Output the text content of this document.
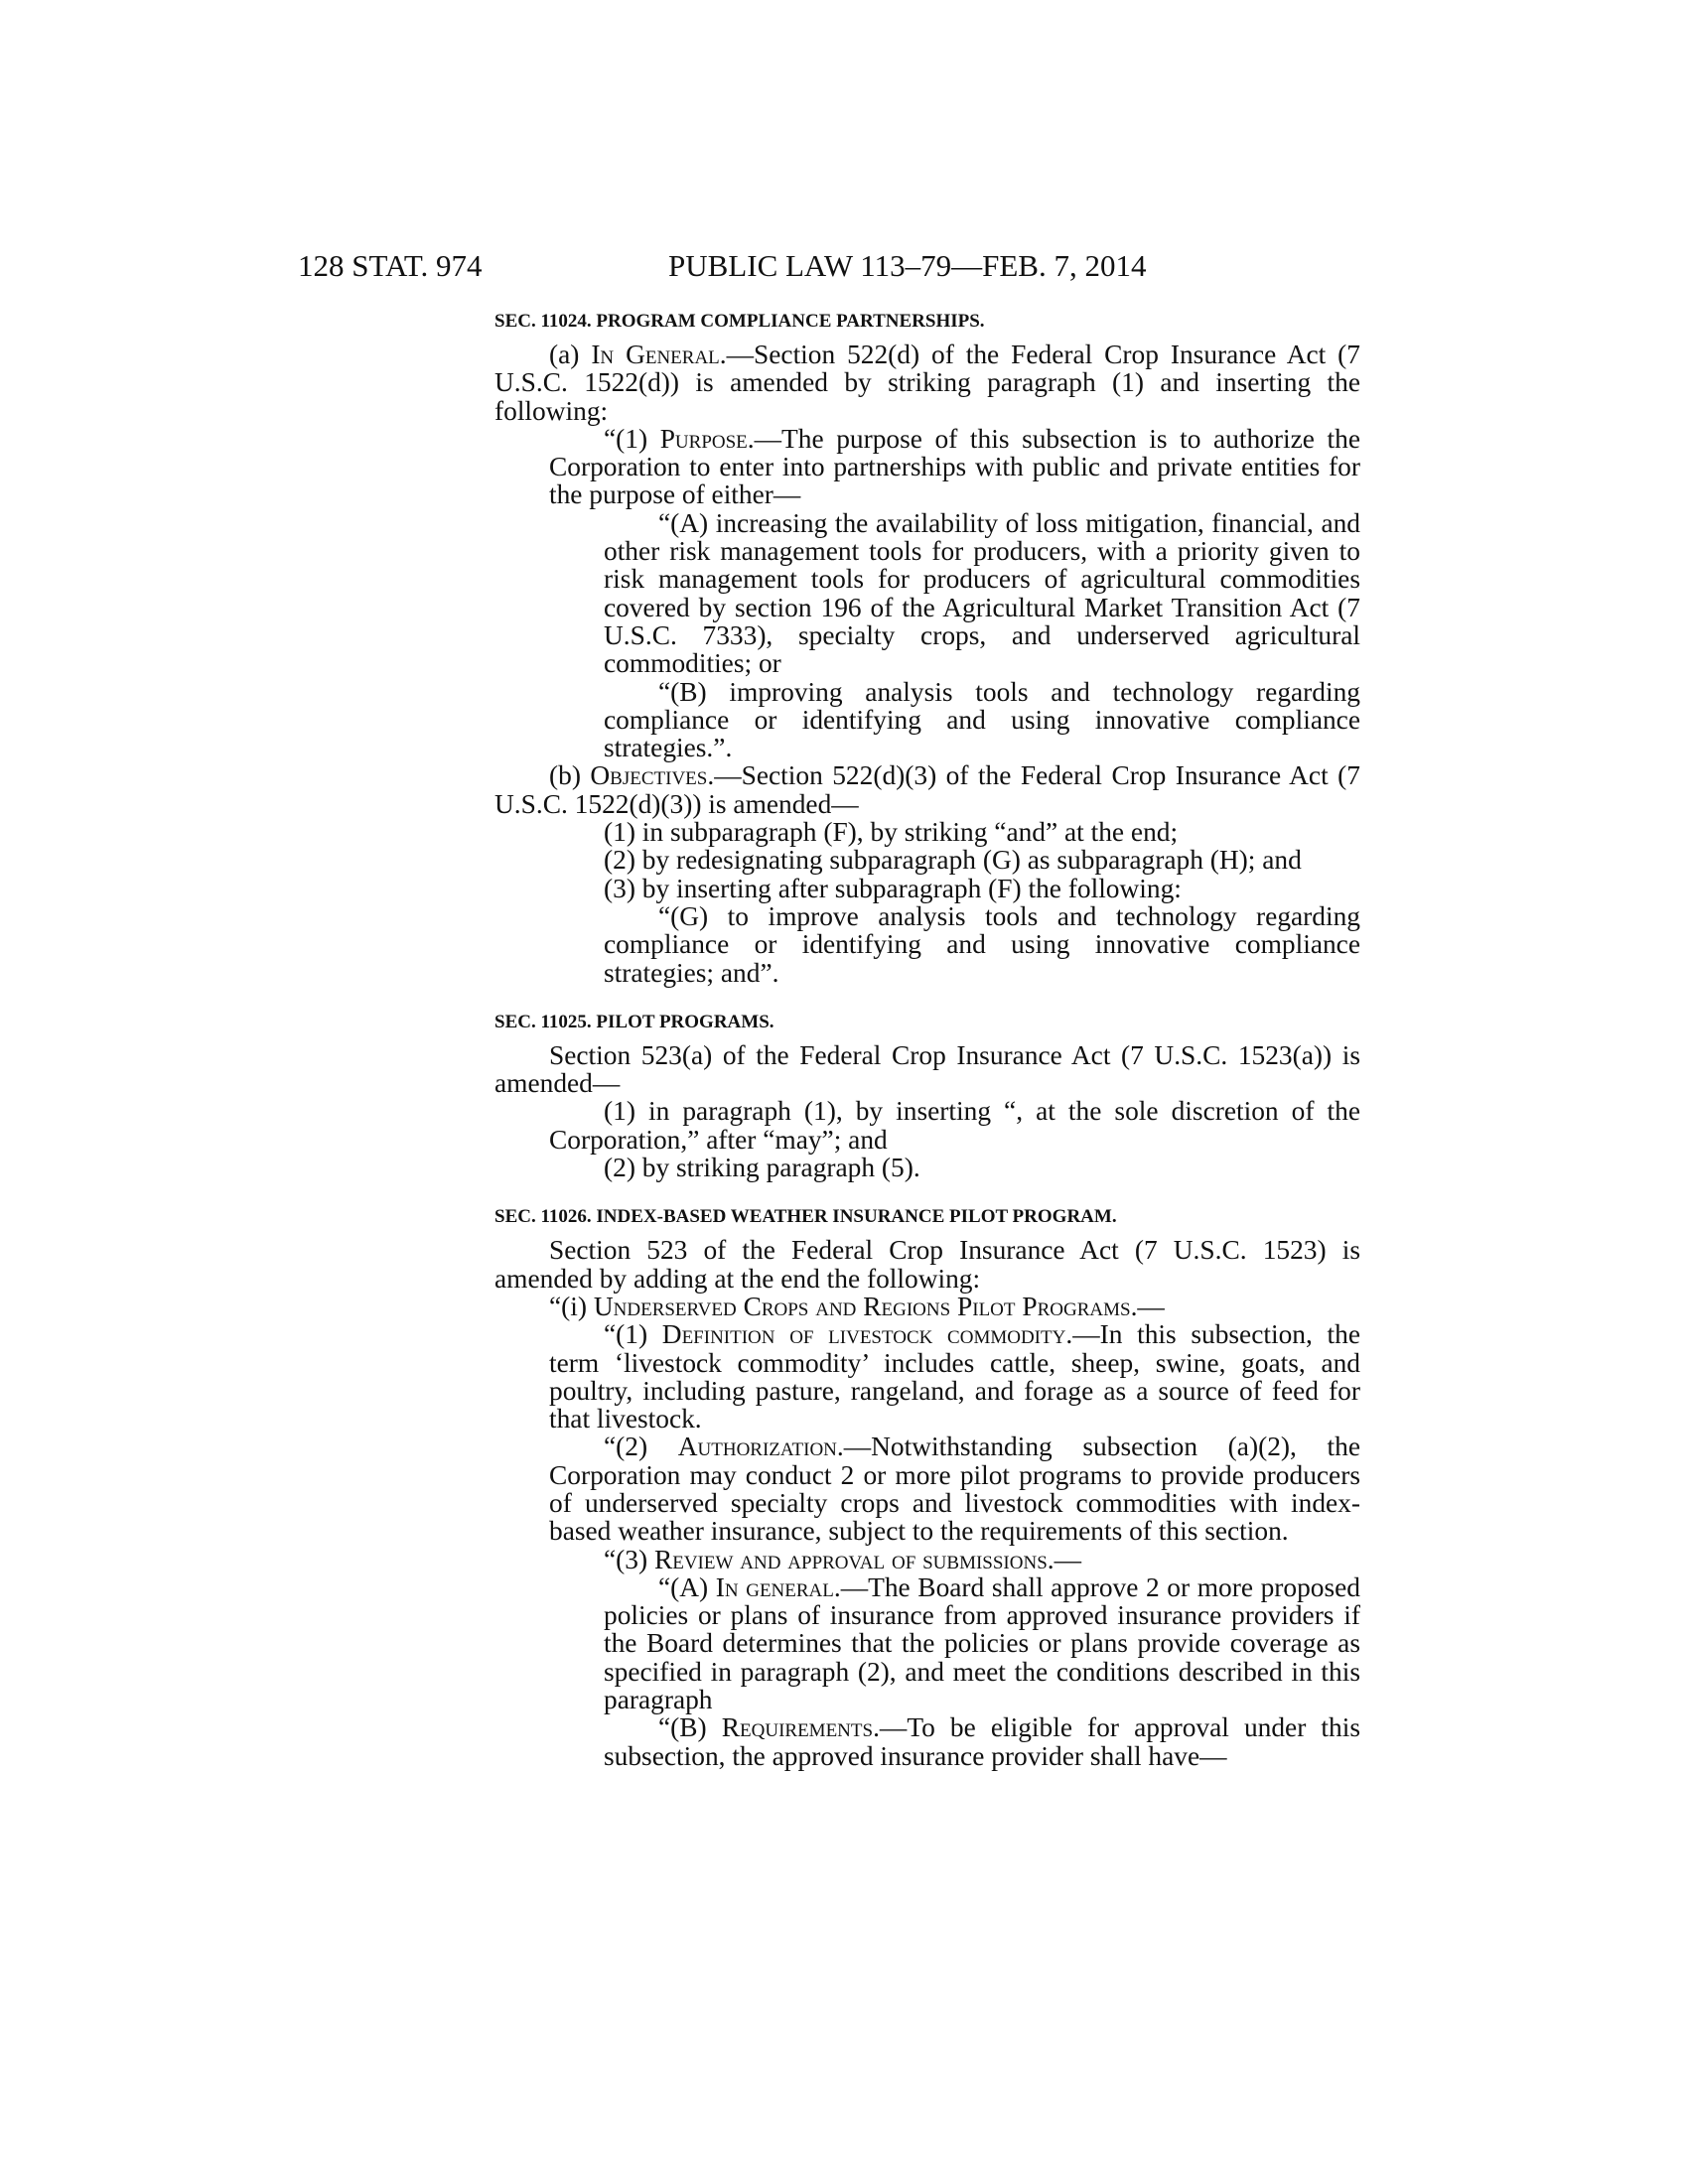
128 STAT. 974	PUBLIC LAW 113–79—FEB. 7, 2014

SEC. 11024. PROGRAM COMPLIANCE PARTNERSHIPS.

(a) In General.—Section 522(d) of the Federal Crop Insurance Act (7 U.S.C. 1522(d)) is amended by striking paragraph (1) and inserting the following:

“(1) Purpose.—The purpose of this subsection is to authorize the Corporation to enter into partnerships with public and private entities for the purpose of either—

“(A) increasing the availability of loss mitigation, financial, and other risk management tools for producers, with a priority given to risk management tools for producers of agricultural commodities covered by section 196 of the Agricultural Market Transition Act (7 U.S.C. 7333), specialty crops, and underserved agricultural commodities; or

“(B) improving analysis tools and technology regarding compliance or identifying and using innovative compliance strategies.”.

(b) Objectives.—Section 522(d)(3) of the Federal Crop Insurance Act (7 U.S.C. 1522(d)(3)) is amended—

(1) in subparagraph (F), by striking “and” at the end;

(2) by redesignating subparagraph (G) as subparagraph (H); and

(3) by inserting after subparagraph (F) the following:

“(G) to improve analysis tools and technology regarding compliance or identifying and using innovative compliance strategies; and”.

SEC. 11025. PILOT PROGRAMS.

Section 523(a) of the Federal Crop Insurance Act (7 U.S.C. 1523(a)) is amended—

(1) in paragraph (1), by inserting “, at the sole discretion of the Corporation,” after “may”; and

(2) by striking paragraph (5).

SEC. 11026. INDEX-BASED WEATHER INSURANCE PILOT PROGRAM.

Section 523 of the Federal Crop Insurance Act (7 U.S.C. 1523) is amended by adding at the end the following:

“(i) Underserved Crops and Regions Pilot Programs.—

“(1) Definition of livestock commodity.—In this subsection, the term ‘livestock commodity’ includes cattle, sheep, swine, goats, and poultry, including pasture, rangeland, and forage as a source of feed for that livestock.

“(2) Authorization.—Notwithstanding subsection (a)(2), the Corporation may conduct 2 or more pilot programs to provide producers of underserved specialty crops and livestock commodities with index-based weather insurance, subject to the requirements of this section.

“(3) Review and approval of submissions.—

“(A) In general.—The Board shall approve 2 or more proposed policies or plans of insurance from approved insurance providers if the Board determines that the policies or plans provide coverage as specified in paragraph (2), and meet the conditions described in this paragraph

“(B) Requirements.—To be eligible for approval under this subsection, the approved insurance provider shall have—
